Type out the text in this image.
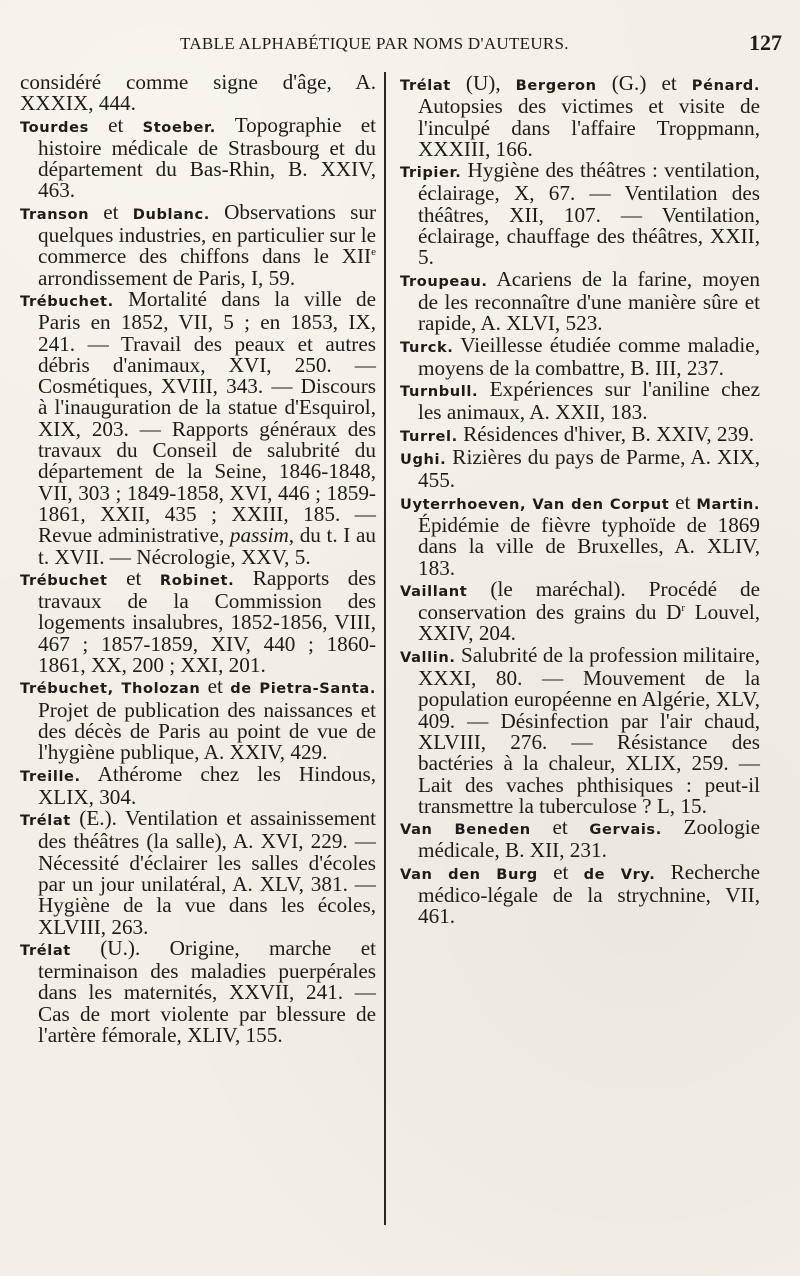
TABLE ALPHABÉTIQUE PAR NOMS D'AUTEURS.	127

considéré comme signe d'âge, A. XXXIX, 444.

Tourdes et Stoeber. Topographie et histoire médicale de Strasbourg et du département du Bas-Rhin, B. XXIV, 463.

Transon et Dublanc. Observations sur quelques industries, en particulier sur le commerce des chiffons dans le XIIe arrondissement de Paris, I, 59.

Trébuchet. Mortalité dans la ville de Paris en 1852, VII, 5 ; en 1853, IX, 241. — Travail des peaux et autres débris d'animaux, XVI, 250. — Cosmétiques, XVIII, 343. — Discours à l'inauguration de la statue d'Esquirol, XIX, 203. — Rapports généraux des travaux du Conseil de salubrité du département de la Seine, 1846-1848, VII, 303 ; 1849-1858, XVI, 446 ; 1859-1861, XXII, 435 ; XXIII, 185. — Revue administrative, passim, du t. I au t. XVII. — Nécrologie, XXV, 5.

Trébuchet et Robinet. Rapports des travaux de la Commission des logements insalubres, 1852-1856, VIII, 467 ; 1857-1859, XIV, 440 ; 1860-1861, XX, 200 ; XXI, 201.

Trébuchet, Tholozan et de Pietra-Santa. Projet de publication des naissances et des décès de Paris au point de vue de l'hygiène publique, A. XXIV, 429.

Treille. Athérome chez les Hindous, XLIX, 304.

Trélat (E.). Ventilation et assainissement des théâtres (la salle), A. XVI, 229. — Nécessité d'éclairer les salles d'écoles par un jour unilatéral, A. XLV, 381. — Hygiène de la vue dans les écoles, XLVIII, 263.

Trélat (U.). Origine, marche et terminaison des maladies puerpérales dans les maternités, XXVII, 241. — Cas de mort violente par blessure de l'artère fémorale, XLIV, 155.

Trélat (U), Bergeron (G.) et Pénard. Autopsies des victimes et visite de l'inculpé dans l'affaire Troppmann, XXXIII, 166.

Tripier. Hygiène des théâtres : ventilation, éclairage, X, 67. — Ventilation des théâtres, XII, 107. — Ventilation, éclairage, chauffage des théâtres, XXII, 5.

Troupeau. Acariens de la farine, moyen de les reconnaître d'une manière sûre et rapide, A. XLVI, 523.

Turck. Vieillesse étudiée comme maladie, moyens de la combattre, B. III, 237.

Turnbull. Expériences sur l'aniline chez les animaux, A. XXII, 183.

Turrel. Résidences d'hiver, B. XXIV, 239.

Ughi. Rizières du pays de Parme, A. XIX, 455.

Uyterrhoeven, Van den Corput et Martin. Épidémie de fièvre typhoïde de 1869 dans la ville de Bruxelles, A. XLIV, 183.

Vaillant (le maréchal). Procédé de conservation des grains du $D^r$ Louvel, XXIV, 204.

Vallin. Salubrité de la profession militaire, XXXI, 80. — Mouvement de la population européenne en Algérie, XLV, 409. — Désinfection par l'air chaud, XLVIII, 276. — Résistance des bactéries à la chaleur, XLIX, 259. — Lait des vaches phthisiques : peut-il transmettre la tuberculose ? L, 15.

Van Beneden et Gervais. Zoologie médicale, B. XII, 231.

Van den Burg et de Vry. Recherche médico-légale de la strychnine, VII, 461.
